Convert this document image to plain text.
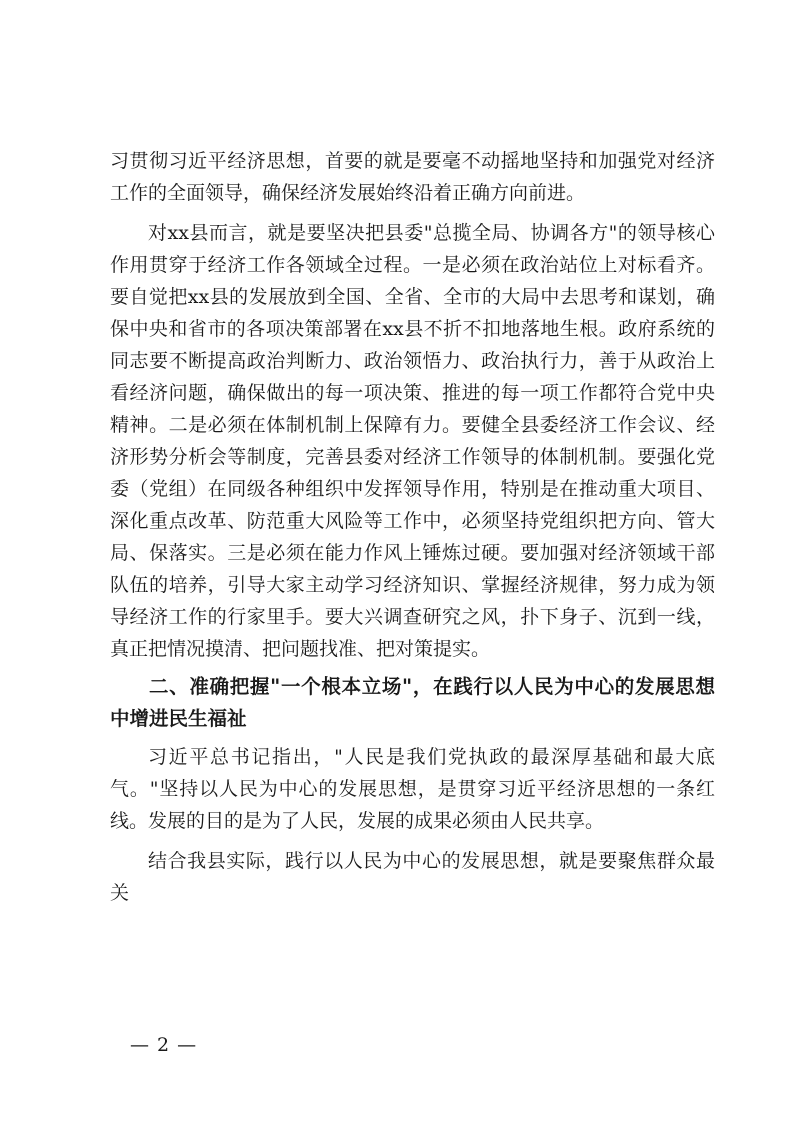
习贯彻习近平经济思想，首要的就是要毫不动摇地坚持和加强党对经济工作的全面领导，确保经济发展始终沿着正确方向前进。

对xx县而言，就是要坚决把县委"总揽全局、协调各方"的领导核心作用贯穿于经济工作各领域全过程。一是必须在政治站位上对标看齐。要自觉把xx县的发展放到全国、全省、全市的大局中去思考和谋划，确保中央和省市的各项决策部署在xx县不折不扣地落地生根。政府系统的同志要不断提高政治判断力、政治领悟力、政治执行力，善于从政治上看经济问题，确保做出的每一项决策、推进的每一项工作都符合党中央精神。二是必须在体制机制上保障有力。要健全县委经济工作会议、经济形势分析会等制度，完善县委对经济工作领导的体制机制。要强化党委（党组）在同级各种组织中发挥领导作用，特别是在推动重大项目、深化重点改革、防范重大风险等工作中，必须坚持党组织把方向、管大局、保落实。三是必须在能力作风上锤炼过硬。要加强对经济领域干部队伍的培养，引导大家主动学习经济知识、掌握经济规律，努力成为领导经济工作的行家里手。要大兴调查研究之风，扑下身子、沉到一线，真正把情况摸清、把问题找准、把对策提实。

二、准确把握"一个根本立场"，在践行以人民为中心的发展思想中增进民生福祉

习近平总书记指出，"人民是我们党执政的最深厚基础和最大底气。"坚持以人民为中心的发展思想，是贯穿习近平经济思想的一条红线。发展的目的是为了人民，发展的成果必须由人民共享。

结合我县实际，践行以人民为中心的发展思想，就是要聚焦群众最关

— 2 —
